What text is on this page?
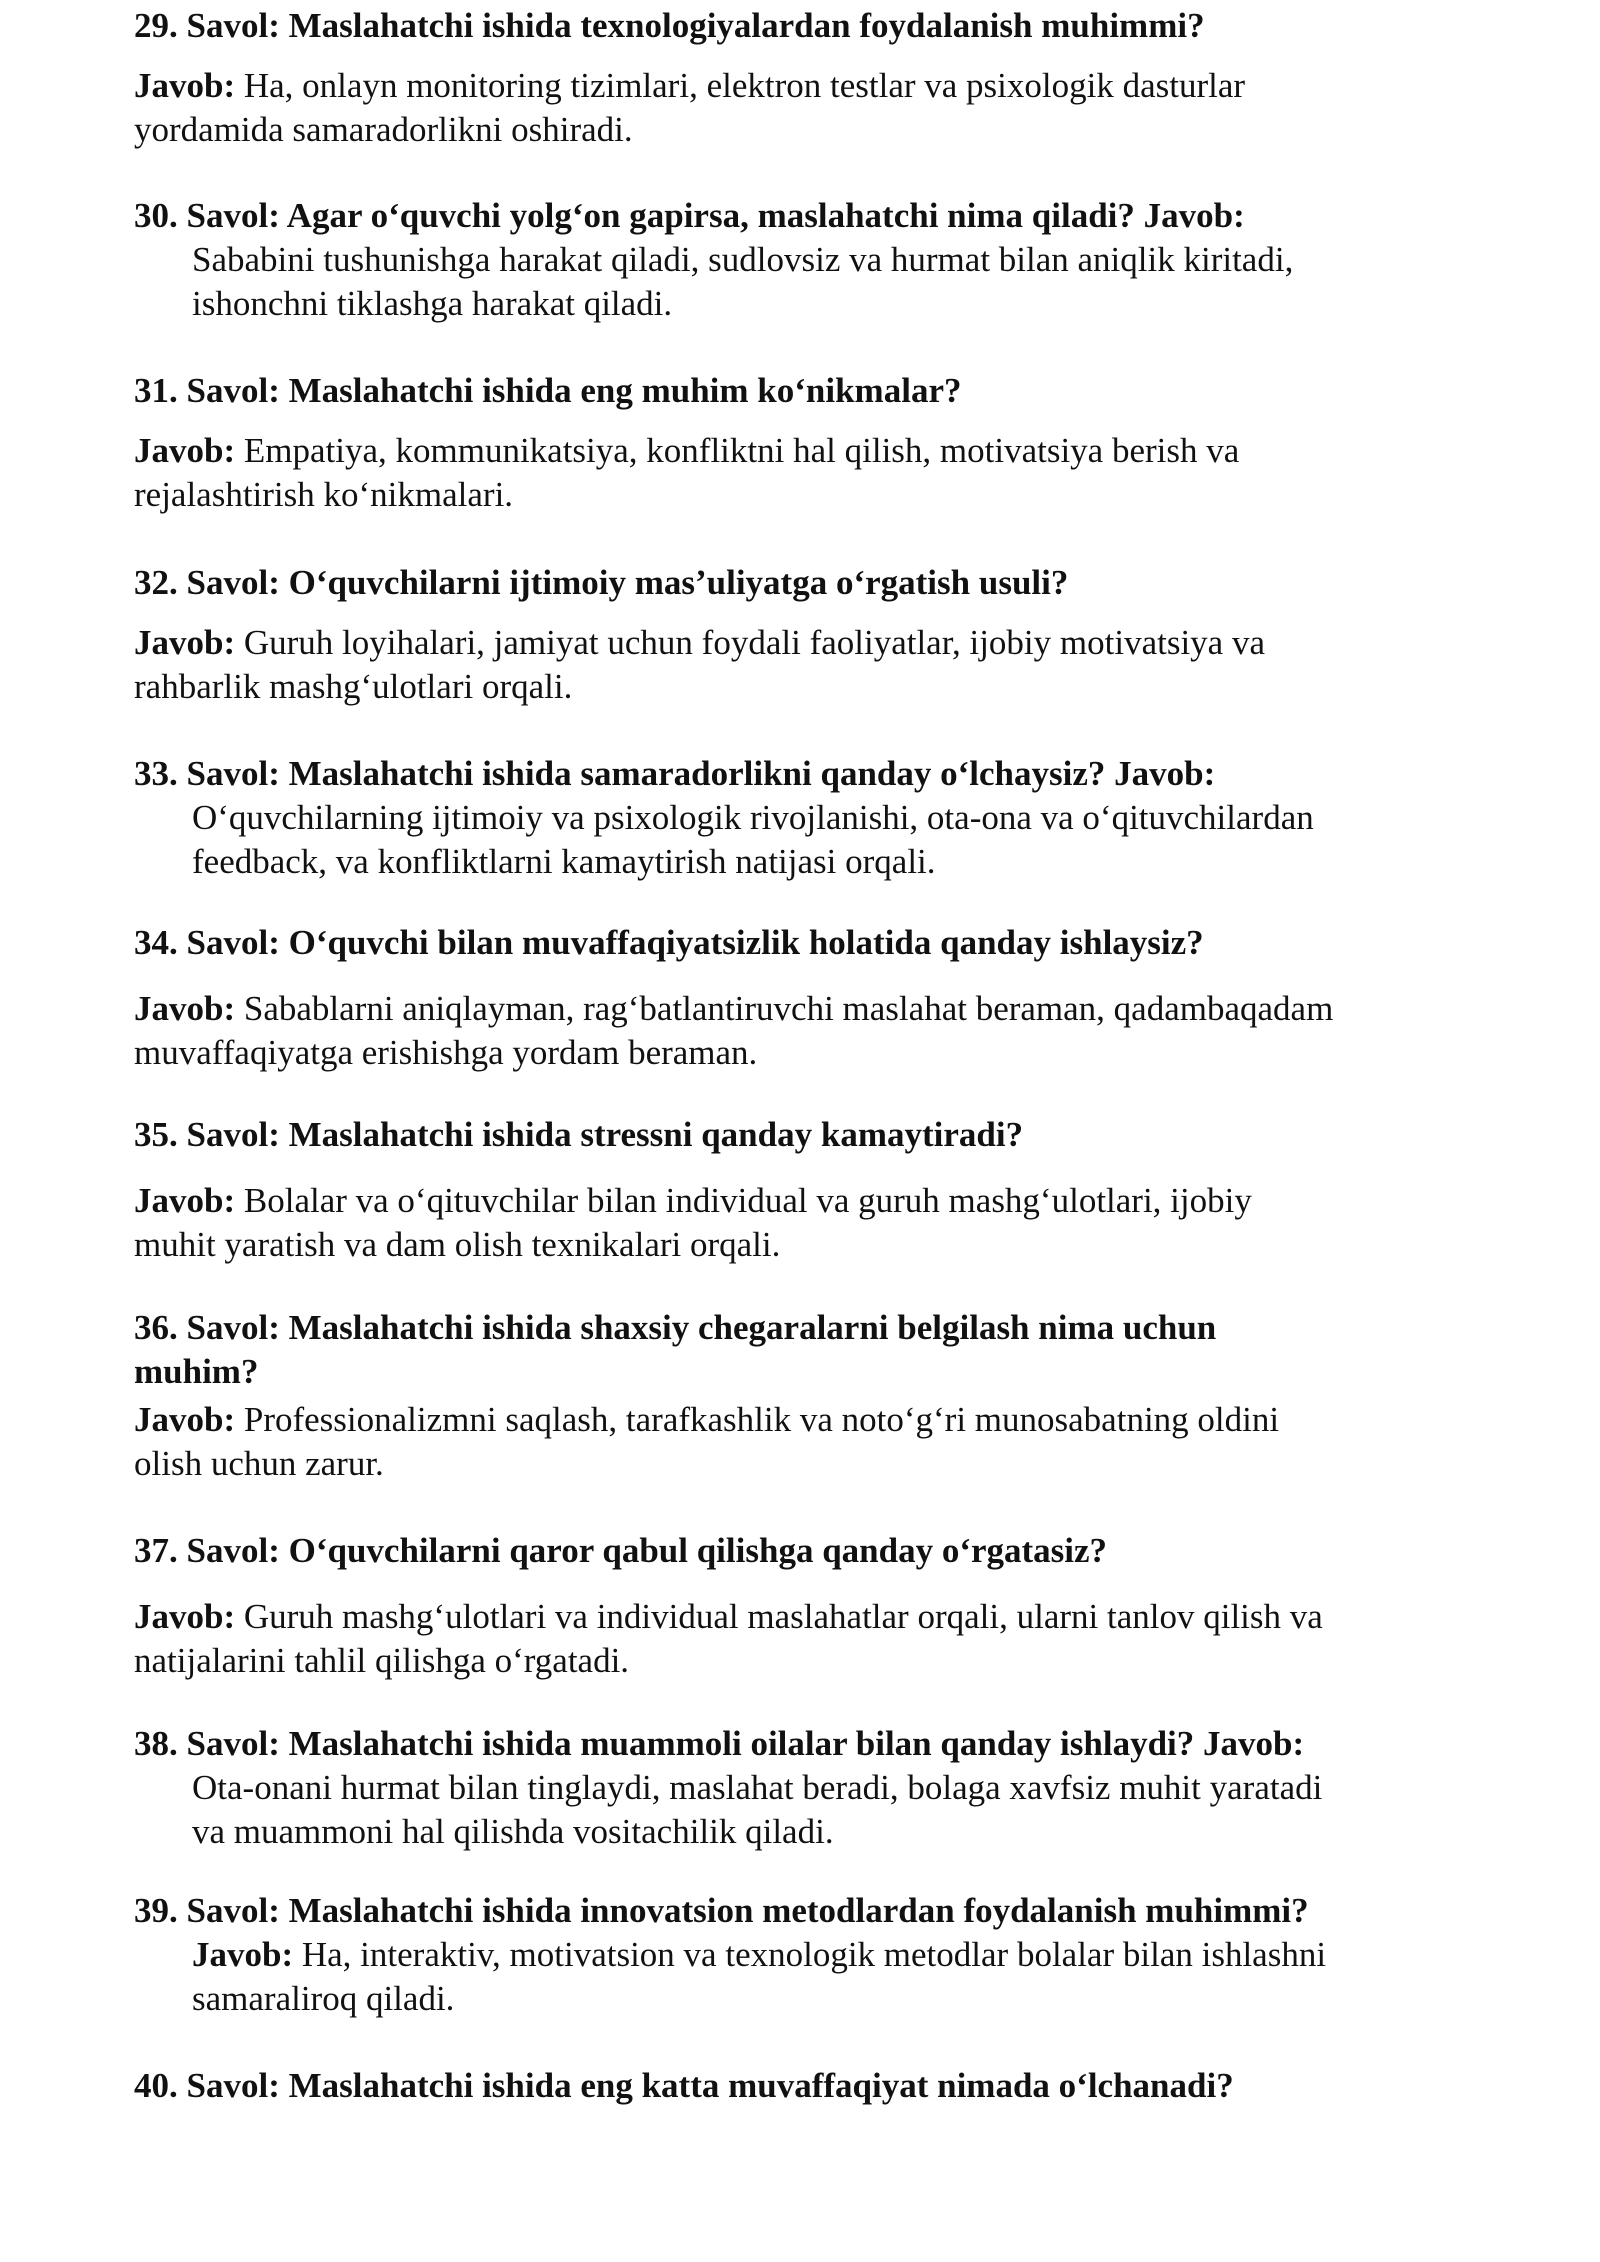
29. Savol: Maslahatchi ishida texnologiyalardan foydalanish muhimmi?
Javob: Ha, onlayn monitoring tizimlari, elektron testlar va psixologik dasturlar
yordamida samaradorlikni oshiradi.
30. Savol: Agar oʻquvchi yolgʻon gapirsa, maslahatchi nima qiladi? Javob:
Sababini tushunishga harakat qiladi, sudlovsiz va hurmat bilan aniqlik kiritadi,
ishonchni tiklashga harakat qiladi.
31. Savol: Maslahatchi ishida eng muhim koʻnikmalar?
Javob: Empatiya, kommunikatsiya, konfliktni hal qilish, motivatsiya berish va
rejalashtirish koʻnikmalari.
32. Savol: Oʻquvchilarni ijtimoiy masʼuliyatga oʻrgatish usuli?
Javob: Guruh loyihalari, jamiyat uchun foydali faoliyatlar, ijobiy motivatsiya va
rahbarlik mashgʻulotlari orqali.
33. Savol: Maslahatchi ishida samaradorlikni qanday oʻlchaysiz? Javob:
Oʻquvchilarning ijtimoiy va psixologik rivojlanishi, ota-ona va oʻqituvchilardan
feedback, va konfliktlarni kamaytirish natijasi orqali.
34. Savol: Oʻquvchi bilan muvaffaqiyatsizlik holatida qanday ishlaysiz?
Javob: Sabablarni aniqlayman, ragʻbatlantiruvchi maslahat beraman, qadambaqadam
muvaffaqiyatga erishishga yordam beraman.
35. Savol: Maslahatchi ishida stressni qanday kamaytiradi?
Javob: Bolalar va oʻqituvchilar bilan individual va guruh mashgʻulotlari, ijobiy
muhit yaratish va dam olish texnikalari orqali.
36. Savol: Maslahatchi ishida shaxsiy chegaralarni belgilash nima uchun
muhim?
Javob: Professionalizmni saqlash, tarafkashlik va notoʻgʻri munosabatning oldini
olish uchun zarur.
37. Savol: Oʻquvchilarni qaror qabul qilishga qanday oʻrgatasiz?
Javob: Guruh mashgʻulotlari va individual maslahatlar orqali, ularni tanlov qilish va
natijalarini tahlil qilishga oʻrgatadi.
38. Savol: Maslahatchi ishida muammoli oilalar bilan qanday ishlaydi? Javob:
Ota-onani hurmat bilan tinglaydi, maslahat beradi, bolaga xavfsiz muhit yaratadi
va muammoni hal qilishda vositachilik qiladi.
39. Savol: Maslahatchi ishida innovatsion metodlardan foydalanish muhimmi?
Javob: Ha, interaktiv, motivatsion va texnologik metodlar bolalar bilan ishlashni
samaraliroq qiladi.
40. Savol: Maslahatchi ishida eng katta muvaffaqiyat nimada oʻlchanadi?
